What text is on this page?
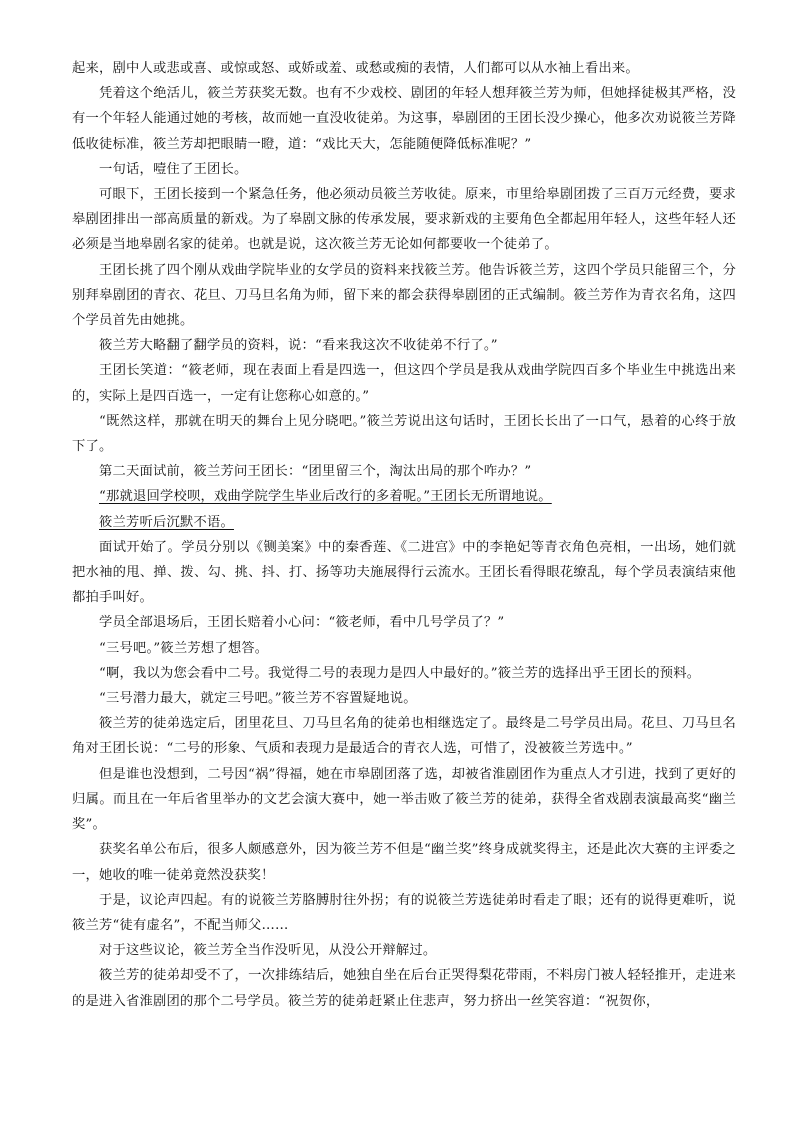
起来，剧中人或悲或喜、或惊或怒、或娇或羞、或愁或痴的表情，人们都可以从水袖上看出来。

凭着这个绝活儿，筱兰芳获奖无数。也有不少戏校、剧团的年轻人想拜筱兰芳为师，但她择徒极其严格，没有一个年轻人能通过她的考核，故而她一直没收徒弟。为这事，皋剧团的王团长没少操心，他多次劝说筱兰芳降低收徒标准，筱兰芳却把眼睛一瞪，道：“戏比天大，怎能随便降低标准呢？”

一句话，噎住了王团长。

可眼下，王团长接到一个紧急任务，他必须动员筱兰芳收徒。原来，市里给皋剧团拨了三百万元经费，要求皋剧团排出一部高质量的新戏。为了皋剧文脉的传承发展，要求新戏的主要角色全都起用年轻人，这些年轻人还必须是当地皋剧名家的徒弟。也就是说，这次筱兰芳无论如何都要收一个徒弟了。

王团长挑了四个刚从戏曲学院毕业的女学员的资料来找筱兰芳。他告诉筱兰芳，这四个学员只能留三个，分别拜皋剧团的青衣、花旦、刀马旦名角为师，留下来的都会获得皋剧团的正式编制。筱兰芳作为青衣名角，这四个学员首先由她挑。

筱兰芳大略翻了翻学员的资料，说：“看来我这次不收徒弟不行了。”

王团长笑道：“筱老师，现在表面上看是四选一，但这四个学员是我从戏曲学院四百多个毕业生中挑选出来的，实际上是四百选一，一定有让您称心如意的。”

“既然这样，那就在明天的舞台上见分晓吧。”筱兰芳说出这句话时，王团长长出了一口气，悬着的心终于放下了。

第二天面试前，筱兰芳问王团长：“团里留三个，淘汰出局的那个咋办？”

“那就退回学校呗，戏曲学院学生毕业后改行的多着呢。”王团长无所谓地说。

筱兰芳听后沉默不语。

面试开始了。学员分别以《铡美案》中的秦香莲、《二进宫》中的李艳妃等青衣角色亮相，一出场，她们就把水袖的甩、掸、拨、勾、挑、抖、打、扬等功夫施展得行云流水。王团长看得眼花缭乱，每个学员表演结束他都拍手叫好。

学员全部退场后，王团长赔着小心问：“筱老师，看中几号学员了？”

“三号吧。”筱兰芳想了想答。

“啊，我以为您会看中二号。我觉得二号的表现力是四人中最好的。”筱兰芳的选择出乎王团长的预料。

“三号潜力最大，就定三号吧。”筱兰芳不容置疑地说。

筱兰芳的徒弟选定后，团里花旦、刀马旦名角的徒弟也相继选定了。最终是二号学员出局。花旦、刀马旦名角对王团长说：“二号的形象、气质和表现力是最适合的青衣人选，可惜了，没被筱兰芳选中。”

但是谁也没想到，二号因“祸”得福，她在市皋剧团落了选，却被省淮剧团作为重点人才引进，找到了更好的归属。而且在一年后省里举办的文艺会演大赛中，她一举击败了筱兰芳的徒弟，获得全省戏剧表演最高奖“幽兰奖”。

获奖名单公布后，很多人颇感意外，因为筱兰芳不但是“幽兰奖”终身成就奖得主，还是此次大赛的主评委之一，她收的唯一徒弟竟然没获奖！

于是，议论声四起。有的说筱兰芳胳膊肘往外拐；有的说筱兰芳选徒弟时看走了眼；还有的说得更难听，说筱兰芳“徒有虚名”，不配当师父……

对于这些议论，筱兰芳全当作没听见，从没公开辩解过。

筱兰芳的徒弟却受不了，一次排练结后，她独自坐在后台正哭得梨花带雨，不料房门被人轻轻推开，走进来的是进入省淮剧团的那个二号学员。筱兰芳的徒弟赶紧止住悲声，努力挤出一丝笑容道：“祝贺你，
